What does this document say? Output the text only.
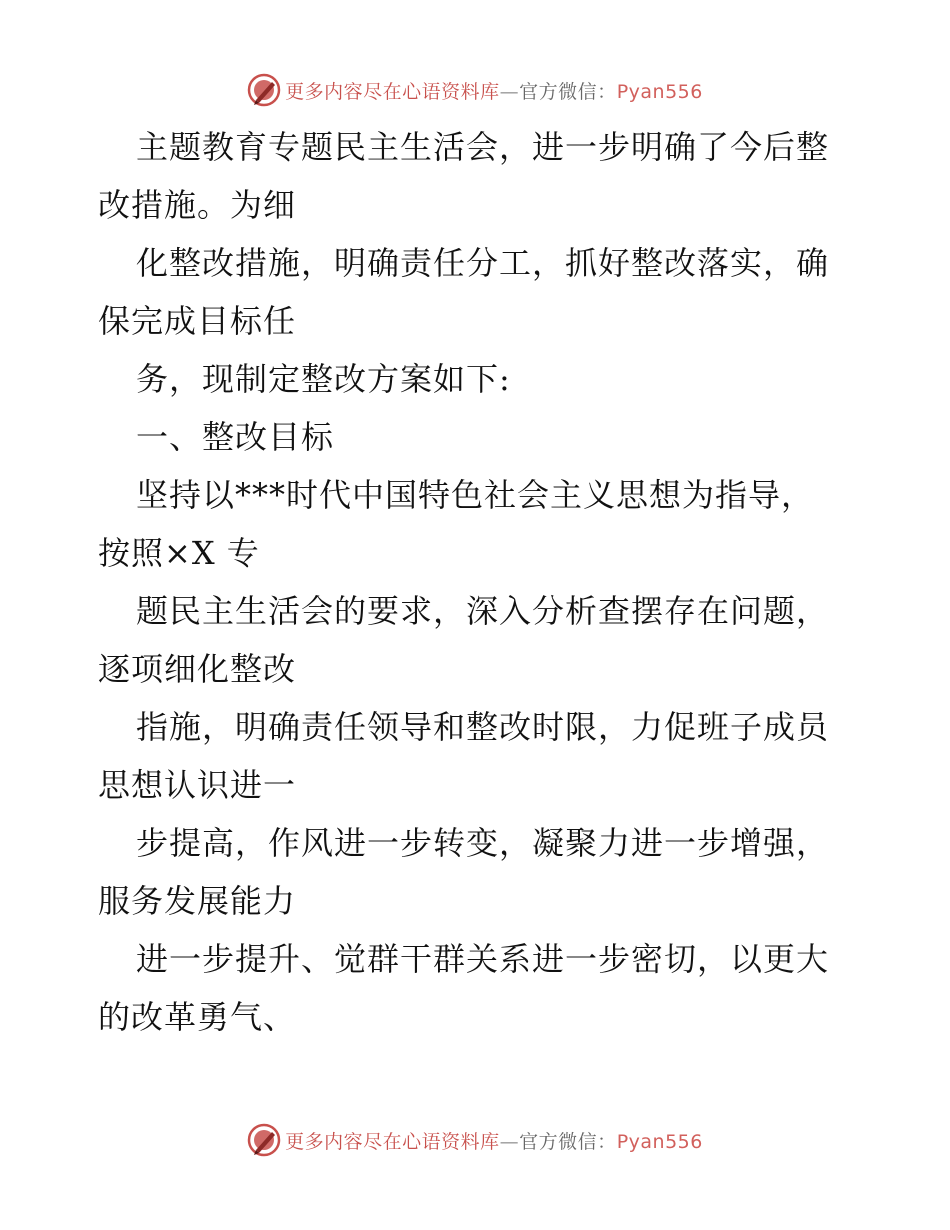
更多内容尽在心语资料库—官方微信：Pyan556

主题教育专题民主生活会，进一步明确了今后整

改措施。为细

化整改措施，明确责任分工，抓好整改落实，确

保完成目标任

务，现制定整改方案如下:

一、整改目标

坚持以***时代中国特色社会主义思想为指导，

按照×X 专

题民主生活会的要求，深入分析查摆存在问题，

逐项细化整改

指施，明确责任领导和整改时限，力促班子成员

思想认识进一

步提高，作风进一步转变，凝聚力进一步增强，

服务发展能力

进一步提升、觉群干群关系进一步密切，以更大

的改革勇气、

更多内容尽在心语资料库—官方微信：Pyan556
